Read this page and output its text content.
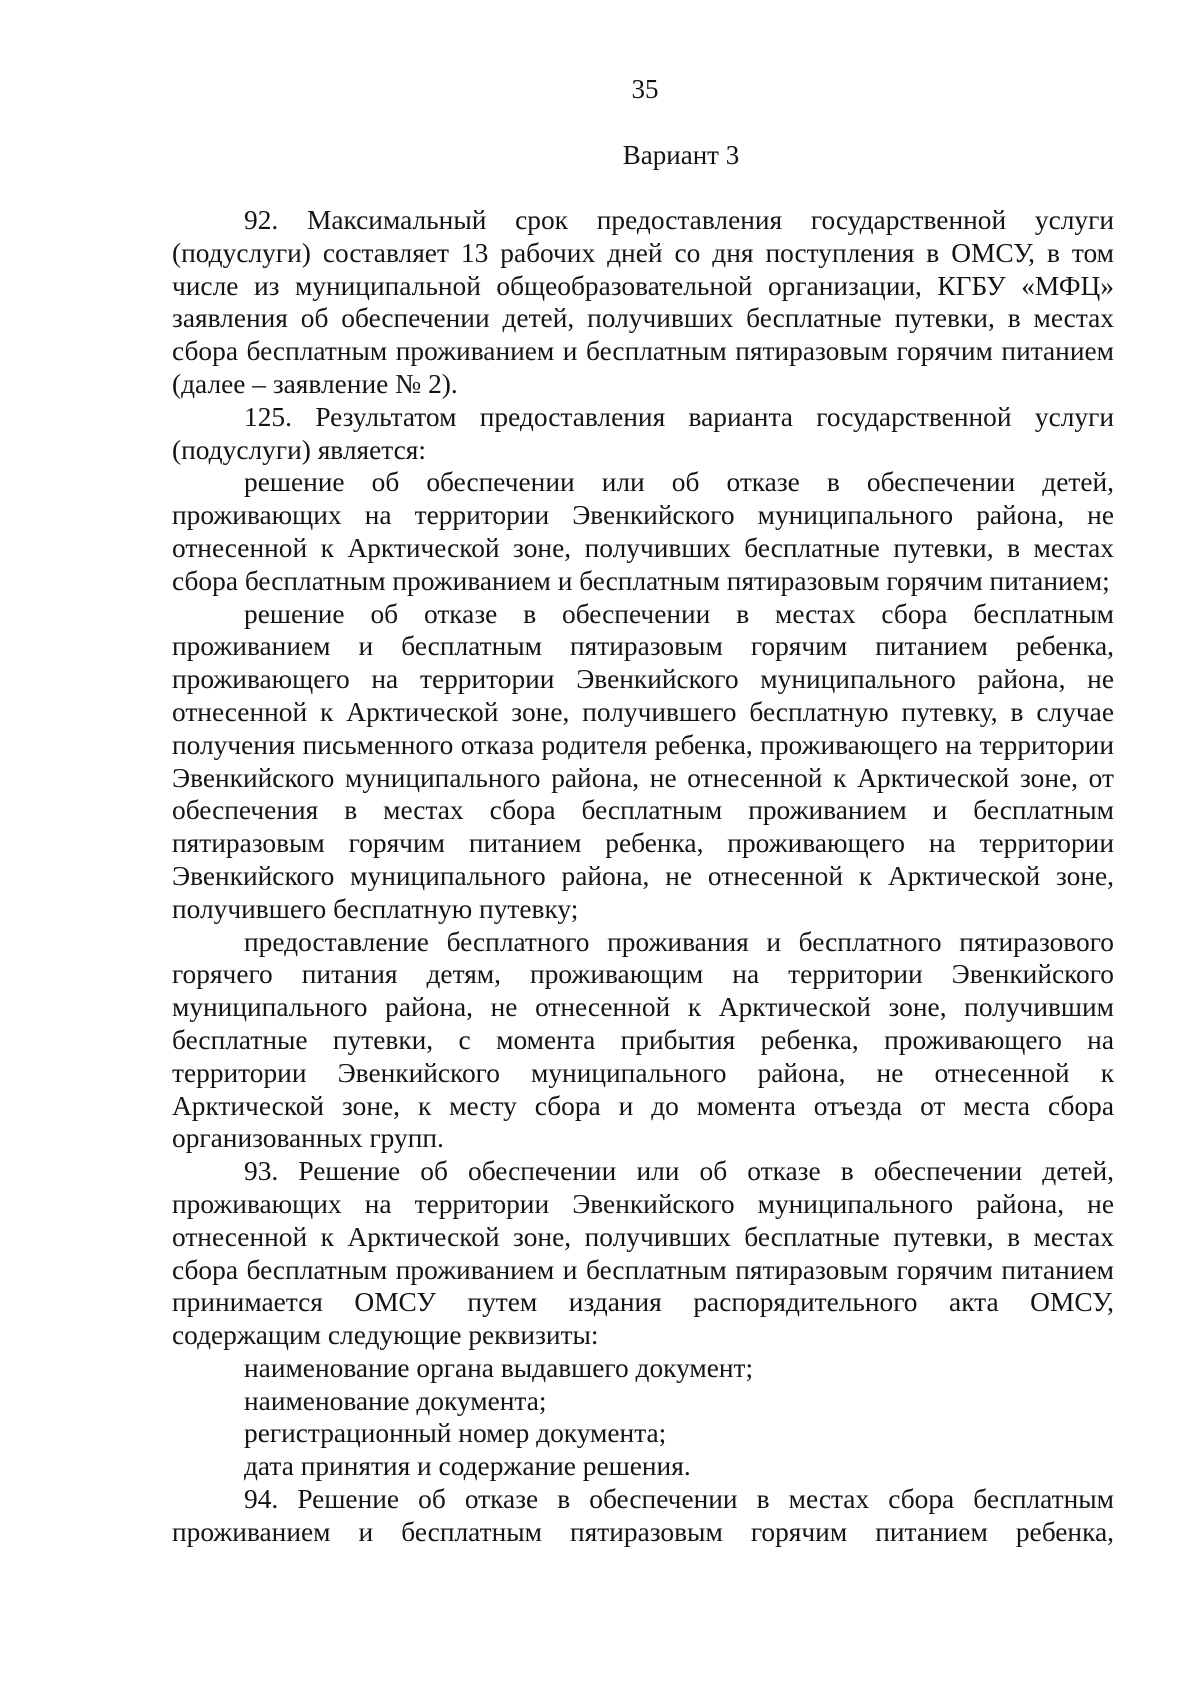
35
Вариант 3

92. Максимальный срок предоставления государственной услуги (подуслуги) составляет 13 рабочих дней со дня поступления в ОМСУ, в том числе из муниципальной общеобразовательной организации, КГБУ «МФЦ» заявления об обеспечении детей, получивших бесплатные путевки, в местах сбора бесплатным проживанием и бесплатным пятиразовым горячим питанием (далее – заявление № 2).

125. Результатом предоставления варианта государственной услуги (подуслуги) является:

решение об обеспечении или об отказе в обеспечении детей, проживающих на территории Эвенкийского муниципального района, не отнесенной к Арктической зоне, получивших бесплатные путевки, в местах сбора бесплатным проживанием и бесплатным пятиразовым горячим питанием;

решение об отказе в обеспечении в местах сбора бесплатным проживанием и бесплатным пятиразовым горячим питанием ребенка, проживающего на территории Эвенкийского муниципального района, не отнесенной к Арктической зоне, получившего бесплатную путевку, в случае получения письменного отказа родителя ребенка, проживающего на территории Эвенкийского муниципального района, не отнесенной к Арктической зоне, от обеспечения в местах сбора бесплатным проживанием и бесплатным пятиразовым горячим питанием ребенка, проживающего на территории Эвенкийского муниципального района, не отнесенной к Арктической зоне, получившего бесплатную путевку;

предоставление бесплатного проживания и бесплатного пятиразового горячего питания детям, проживающим на территории Эвенкийского муниципального района, не отнесенной к Арктической зоне, получившим бесплатные путевки, с момента прибытия ребенка, проживающего на территории Эвенкийского муниципального района, не отнесенной к Арктической зоне, к месту сбора и до момента отъезда от места сбора организованных групп.

93. Решение об обеспечении или об отказе в обеспечении детей, проживающих на территории Эвенкийского муниципального района, не отнесенной к Арктической зоне, получивших бесплатные путевки, в местах сбора бесплатным проживанием и бесплатным пятиразовым горячим питанием принимается ОМСУ путем издания распорядительного акта ОМСУ, содержащим следующие реквизиты:

наименование органа выдавшего документ;

наименование документа;

регистрационный номер документа;

дата принятия и содержание решения.

94. Решение об отказе в обеспечении в местах сбора бесплатным проживанием и бесплатным пятиразовым горячим питанием ребенка,
